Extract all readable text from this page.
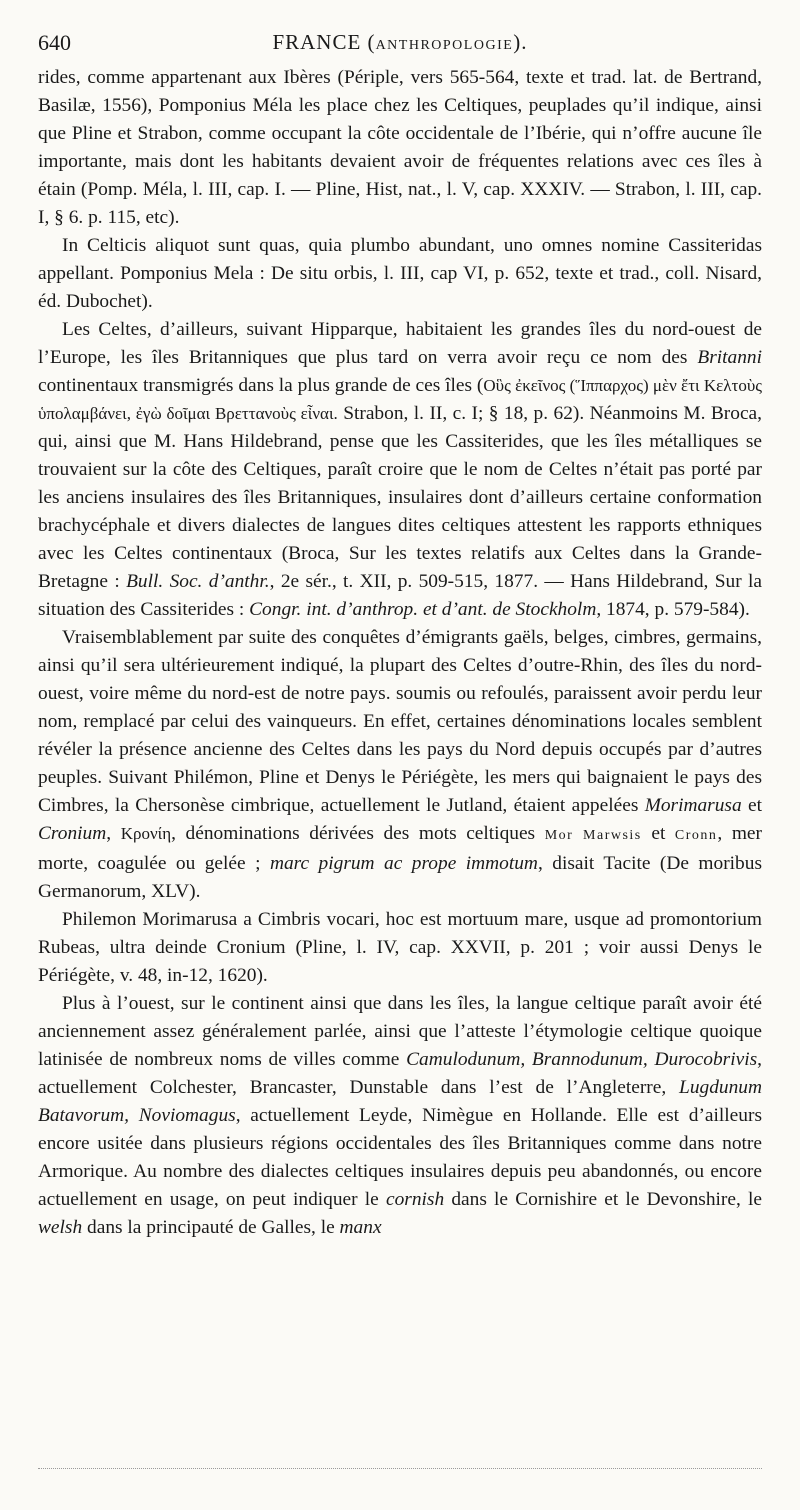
640	FRANCE (ANTHROPOLOGIE).

rides, comme appartenant aux Ibères (Périple, vers 565-564, texte et trad. lat. de Bertrand, Basilæ, 1556), Pomponius Méla les place chez les Celtiques, peuplades qu’il indique, ainsi que Pline et Strabon, comme occupant la côte occidentale de l’Ibérie, qui n’offre aucune île importante, mais dont les habitants devaient avoir de fréquentes relations avec ces îles à étain (Pomp. Méla, l. III, cap. I. — Pline, Hist, nat., l. V, cap. XXXIV. — Strabon, l. III, cap. I, § 6. p. 115, etc).

In Celticis aliquot sunt quas, quia plumbo abundant, uno omnes nomine Cassiteridas appellant. Pomponius Mela : De situ orbis, l. III, cap VI, p. 652, texte et trad., coll. Nisard, éd. Dubochet).

Les Celtes, d’ailleurs, suivant Hipparque, habitaient les grandes îles du nord-ouest de l’Europe, les îles Britanniques que plus tard on verra avoir reçu ce nom des Britanni continentaux transmigrés dans la plus grande de ces îles (Οὓς ἐκεῖνος (Ἵππαρχος) μὲν ἔτι Κελτοὺς ὑπολαμβάνει, ἐγὼ δοῖμαι Βρεττανοὺς εἶναι. Strabon, l. II, c. I; § 18, p. 62). Néanmoins M. Broca, qui, ainsi que M. Hans Hildebrand, pense que les Cassiterides, que les îles métalliques se trouvaient sur la côte des Celtiques, paraît croire que le nom de Celtes n’était pas porté par les anciens insulaires des îles Britanniques, insulaires dont d’ailleurs certaine conformation brachycéphale et divers dialectes de langues dites celtiques attestent les rapports ethniques avec les Celtes continentaux (Broca, Sur les textes relatifs aux Celtes dans la Grande-Bretagne : Bull. Soc. d’anthr., 2e sér., t. XII, p. 509-515, 1877. — Hans Hildebrand, Sur la situation des Cassiterides : Congr. int. d’anthrop. et d’ant. de Stockholm, 1874, p. 579-584).

Vraisemblablement par suite des conquêtes d’émigrants gaëls, belges, cimbres, germains, ainsi qu’il sera ultérieurement indiqué, la plupart des Celtes d’outre-Rhin, des îles du nord-ouest, voire même du nord-est de notre pays. soumis ou refoulés, paraissent avoir perdu leur nom, remplacé par celui des vainqueurs. En effet, certaines dénominations locales semblent révéler la présence ancienne des Celtes dans les pays du Nord depuis occupés par d’autres peuples. Suivant Philémon, Pline et Denys le Périégète, les mers qui baignaient le pays des Cimbres, la Chersonèse cimbrique, actuellement le Jutland, étaient appelées Morimarusa et Cronium, Κρονίη, dénominations dérivées des mots celtiques Mor Marwsis et Cronn, mer morte, coagulée ou gelée ; marc pigrum ac prope immotum, disait Tacite (De moribus Germanorum, XLV).

Philemon Morimarusa a Cimbris vocari, hoc est mortuum mare, usque ad promontorium Rubeas, ultra deinde Cronium (Pline, l. IV, cap. XXVII, p. 201 ; voir aussi Denys le Périégète, v. 48, in-12, 1620).

Plus à l’ouest, sur le continent ainsi que dans les îles, la langue celtique paraît avoir été anciennement assez généralement parlée, ainsi que l’atteste l’étymologie celtique quoique latinisée de nombreux noms de villes comme Camulodunum, Brannodunum, Durocobrivis, actuellement Colchester, Brancaster, Dunstable dans l’est de l’Angleterre, Lugdunum Batavorum, Noviomagus, actuellement Leyde, Nimègue en Hollande. Elle est d’ailleurs encore usitée dans plusieurs régions occidentales des îles Britanniques comme dans notre Armorique. Au nombre des dialectes celtiques insulaires depuis peu abandonnés, ou encore actuellement en usage, on peut indiquer le cornish dans le Cornishire et le Devonshire, le welsh dans la principauté de Galles, le manx
